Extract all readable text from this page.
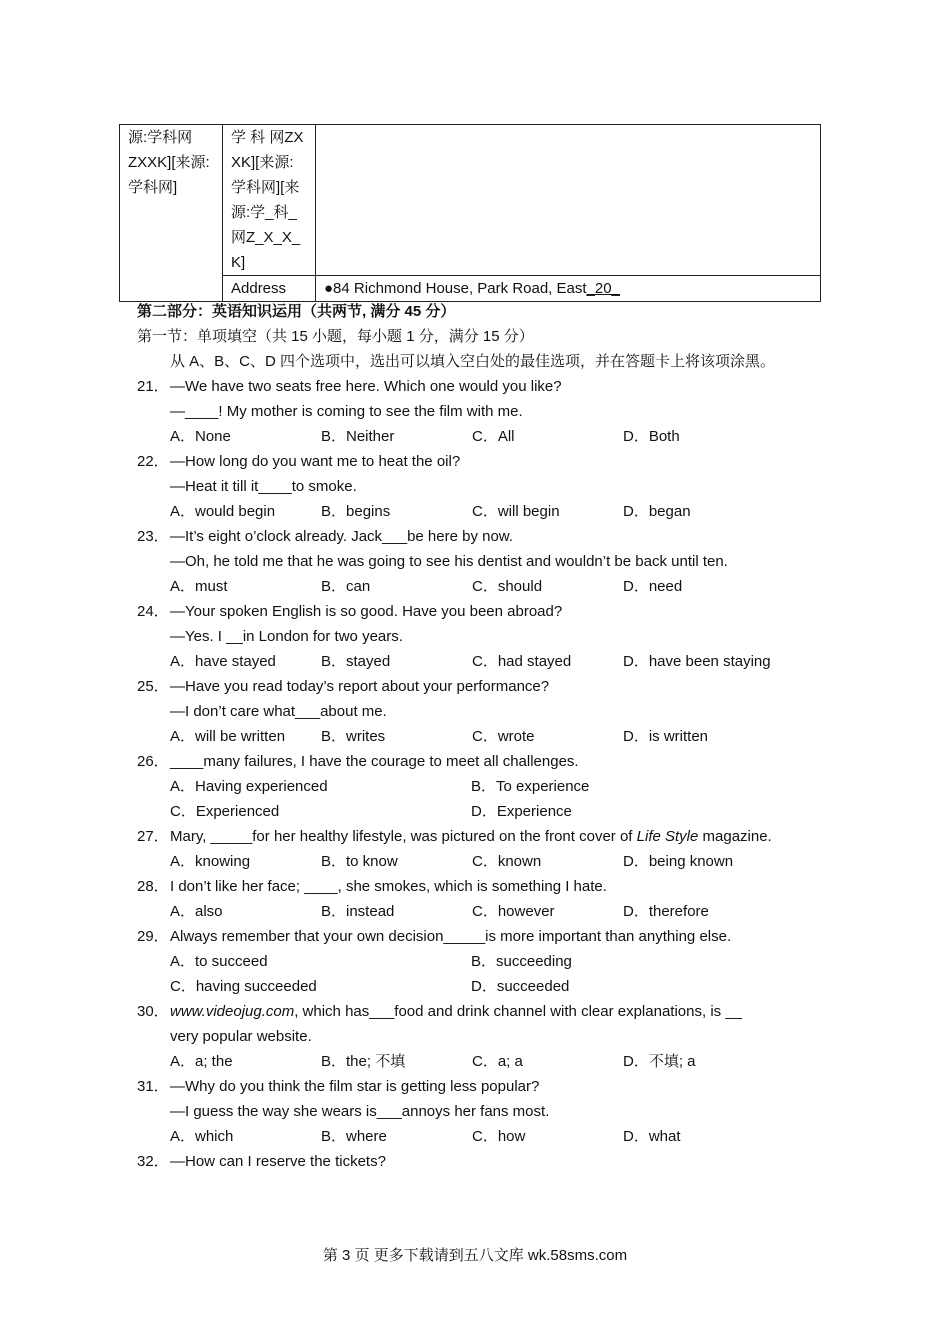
源:学科网ZXXK][来源:学科网]	学 科 网ZXXK][来源:学科网][来源:学_科_网Z_X_X_K]	
	Address	●84 Richmond House, Park Road, East_20_
第二部分：英语知识运用（共两节, 满分 45 分）
第一节：单项填空（共 15 小题，每小题 1 分，满分 15 分）
从 A、B、C、D 四个选项中，选出可以填入空白处的最佳选项，并在答题卡上将该项涂黑。
21． —We have two seats free here. Which one would you like?
—____! My mother is coming to see the film with me.
A．None	B．Neither	C．All	D．Both
22． —How long do you want me to heat the oil?
—Heat it till it____to smoke.
A．would begin	B．begins	C．will begin	D．began
23． —It’s eight o’clock already. Jack___be here by now.
—Oh, he told me that he was going to see his dentist and wouldn’t be back until ten.
A．must	B．can	C．should	D．need
24． —Your spoken English is so good. Have you been abroad?
—Yes. I __in London for two years.
A．have stayed	B．stayed	C．had stayed	D．have been staying
25． —Have you read today’s report about your performance?
—I don’t care what___about me.
A．will be written	B．writes	C．wrote	D．is written
26． ____many failures, I have the courage to meet all challenges.
A．Having experienced	B．To experience
C．Experienced	D．Experience
27． Mary, _____for her healthy lifestyle, was pictured on the front cover of Life Style magazine.
A．knowing	B．to know	C．known	D．being known
28． I don’t like her face; ____, she smokes, which is something I hate.
A．also	B．instead	C．however	D．therefore
29． Always remember that your own decision_____is more important than anything else.
A．to succeed	B．succeeding
C．having succeeded	D．succeeded
30． www.videojug.com, which has___food and drink channel with clear explanations, is __
very popular website.
A．a; the	B．the; 不填	C．a; a	D．不填; a
31． —Why do you think the film star is getting less popular?
—I guess the way she wears is___annoys her fans most.
A．which	B．where	C．how	D．what
32． —How can I reserve the tickets?
第 3 页 更多下载请到五八文库 wk.58sms.com
